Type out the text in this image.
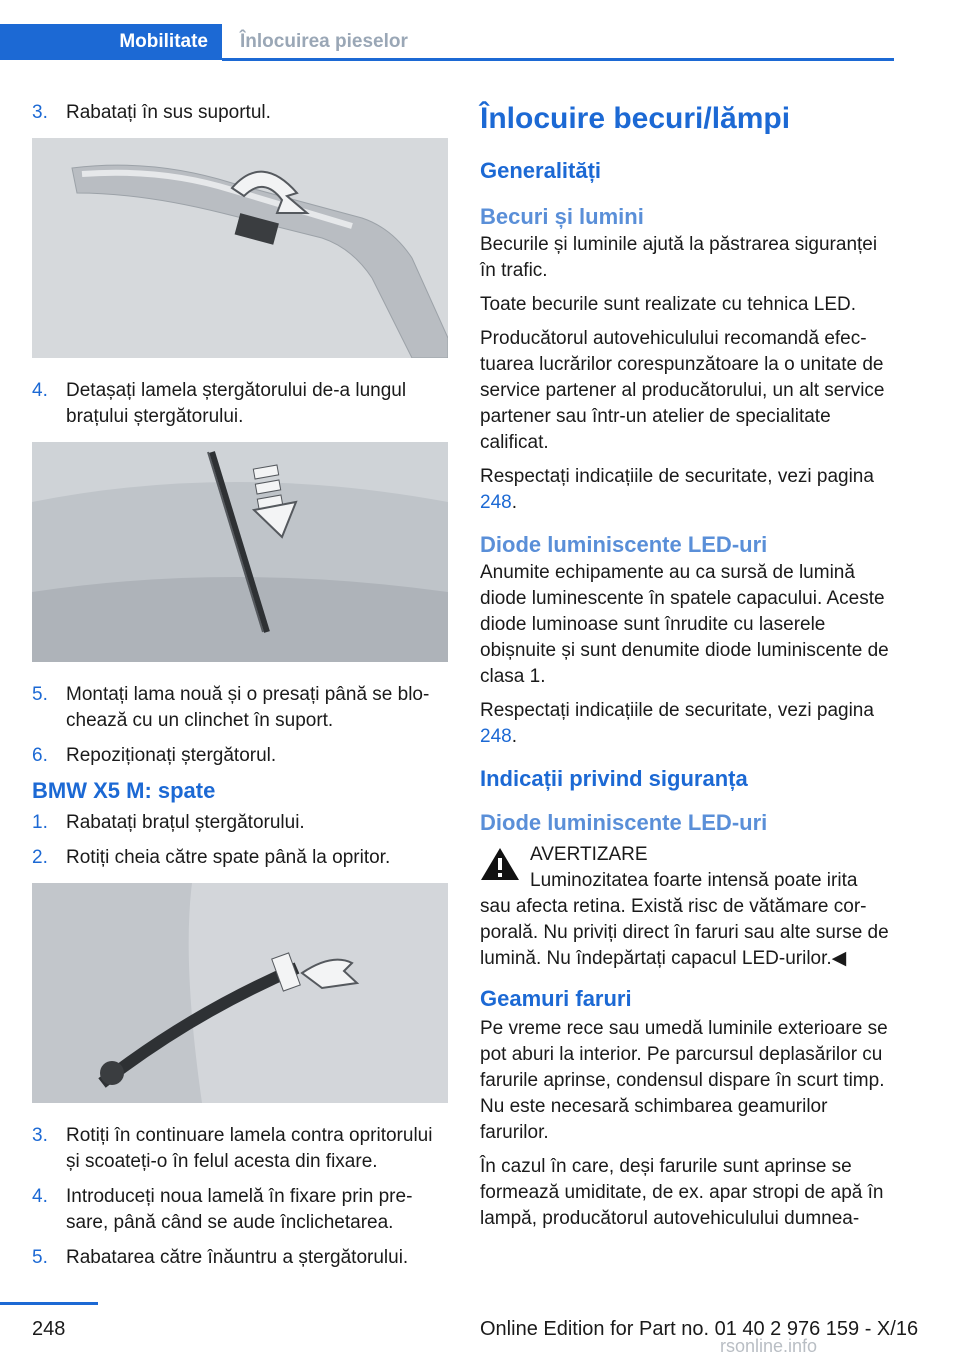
Mobilitate	Înlocuirea pieselor
3. Rabatați în sus suportul.
4. Detașați lamela ștergătorului de-a lungul brațului ștergătorului.
5. Montați lama nouă și o presați până se blochează cu un clinchet în suport.
6. Repoziționați ștergătorul.
BMW X5 M: spate
1. Rabatați brațul ștergătorului.
2. Rotiți cheia către spate până la opritor.
3. Rotiți în continuare lamela contra opritorului și scoateți-o în felul acesta din fixare.
4. Introduceți noua lamelă în fixare prin presare, până când se aude înclichetarea.
5. Rabatarea către înăuntru a ștergătorului.
Înlocuire becuri/lămpi
Generalități
Becuri și lumini

Becurile și luminile ajută la păstrarea siguranței în trafic.

Toate becurile sunt realizate cu tehnica LED.

Producătorul autovehiculului recomandă efectuarea lucrărilor corespunzătoare la o unitate de service partener al producătorului, un alt service partener sau într-un atelier de specialitate calificat.

Respectați indicațiile de securitate, vezi pagina 248.

Diode luminiscente LED-uri

Anumite echipamente au ca sursă de lumină diode luminescente în spatele capacului. Aceste diode luminoase sunt înrudite cu laserele obișnuite și sunt denumite diode luminiscente de clasa 1.

Respectați indicațiile de securitate, vezi pagina 248.

Indicații privind siguranța
Diode luminiscente LED-uri
AVERTIZARE
Luminozitatea foarte intensă poate irita

sau afecta retina. Există risc de vătămare corporală. Nu priviți direct în faruri sau alte surse de lumină. Nu îndepărtați capacul LED-urilor.◀

Geamuri faruri

Pe vreme rece sau umedă luminile exterioare se pot aburi la interior. Pe parcursul deplasărilor cu farurile aprinse, condensul dispare în scurt timp. Nu este necesară schimbarea geamurilor farurilor.

În cazul în care, deși farurile sunt aprinse se formează umiditate, de ex. apar stropi de apă în lampă, producătorul autovehiculului dumnea-

248	Online Edition for Part no. 01 40 2 976 159 - X/16
rsonline.info
